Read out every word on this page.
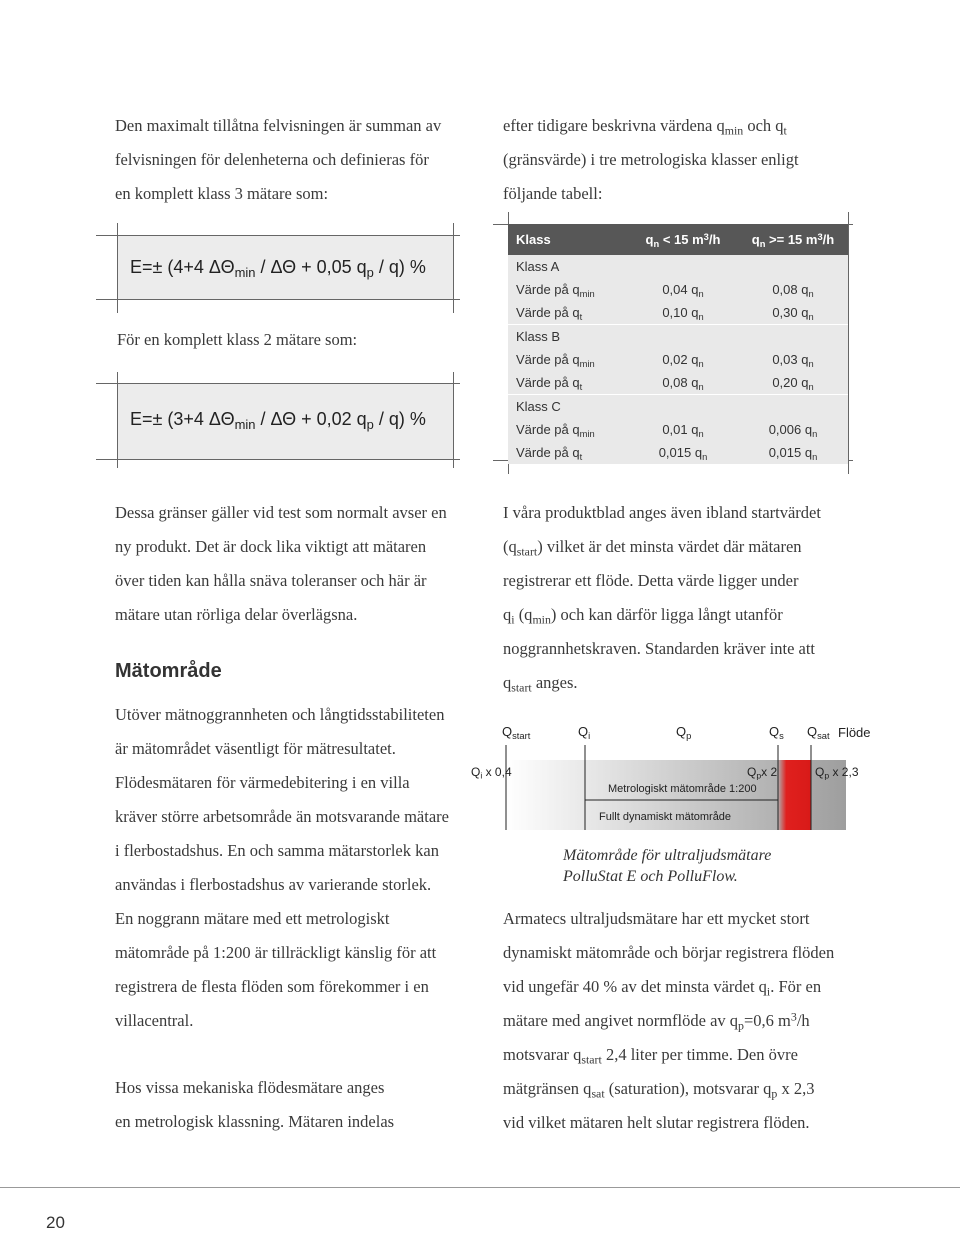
Den maximalt tillåtna felvisningen är summan av
felvisningen för delenheterna och definieras för
en komplett klass 3 mätare som:
efter tidigare beskrivna värdena $q_{min}$ och $q_t$
(gränsvärde) i tre metrologiska klasser enligt
följande tabell:
E=± (4+4 $\Delta\Theta_{min} / \Delta\Theta + 0,05$ $q_p / q$) %
För en komplett klass 2 mätare som:
E=± (3+4 $\Delta\Theta_{min} / \Delta\Theta + 0,02$ $q_p / q$) %
Klass	$q_n < 15$ $m^3/h$	$q_n >= 15$ $m^3/h$
Klass A
Värde på $q_{min}$	0,04 $q_n$	0,08 $q_n$
Värde på $q_t$	0,10 $q_n$	0,30 $q_n$
Klass B
Värde på $q_{min}$	0,02 $q_n$	0,03 $q_n$
Värde på $q_t$	0,08 $q_n$	0,20 $q_n$
Klass C
Värde på $q_{min}$	0,01 $q_n$	0,006 $q_n$
Värde på $q_t$	0,015 $q_n$	0,015 $q_n$
Dessa gränser gäller vid test som normalt avser en
ny produkt. Det är dock lika viktigt att mätaren
över tiden kan hålla snäva toleranser och här är
mätare utan rörliga delar överlägsna.
Mätområde
Utöver mätnoggrannheten och långtidsstabiliteten
är mätområdet väsentligt för mätresultatet.
Flödesmätaren för värmedebitering i en villa
kräver större arbetsområde än motsvarande mätare
i flerbostadshus. En och samma mätarstorlek kan
användas i flerbostadshus av varierande storlek.
En noggrann mätare med ett metrologiskt
mätområde på 1:200 är tillräckligt känslig för att
registrera de flesta flöden som förekommer i en
villacentral.
Hos vissa mekaniska flödesmätare anges
en metrologisk klassning. Mätaren indelas
I våra produktblad anges även ibland startvärdet
$(q_{start})$ vilket är det minsta värdet där mätaren
registrerar ett flöde. Detta värde ligger under
$q_i$ $(q_{min})$ och kan därför ligga långt utanför
noggrannhetskraven. Standarden kräver inte att
$q_{start}$ anges.
$Q_{start}$	$Q_i$	$Q_p$	$Q_s$ $Q_{sat}$ Flöde
$Q_i$ x 0,4	$Q_px$ 2	$Q_p$ x 2,3
Metrologiskt mätområde 1:200
Fullt dynamiskt mätområde
Mätområde för ultraljudsmätare
PolluStat E och PolluFlow.
Armatecs ultraljudsmätare har ett mycket stort
dynamiskt mätområde och börjar registrera flöden
vid ungefär 40 % av det minsta värdet $q_i$. För en
mätare med angivet normflöde av $q_p=0,6$ $m^3/h$
motsvarar $q_{start}$ 2,4 liter per timme. Den övre
mätgränsen $q_{sat}$ (saturation), motsvarar $q_p$ x 2,3
vid vilket mätaren helt slutar registrera flöden.
20
